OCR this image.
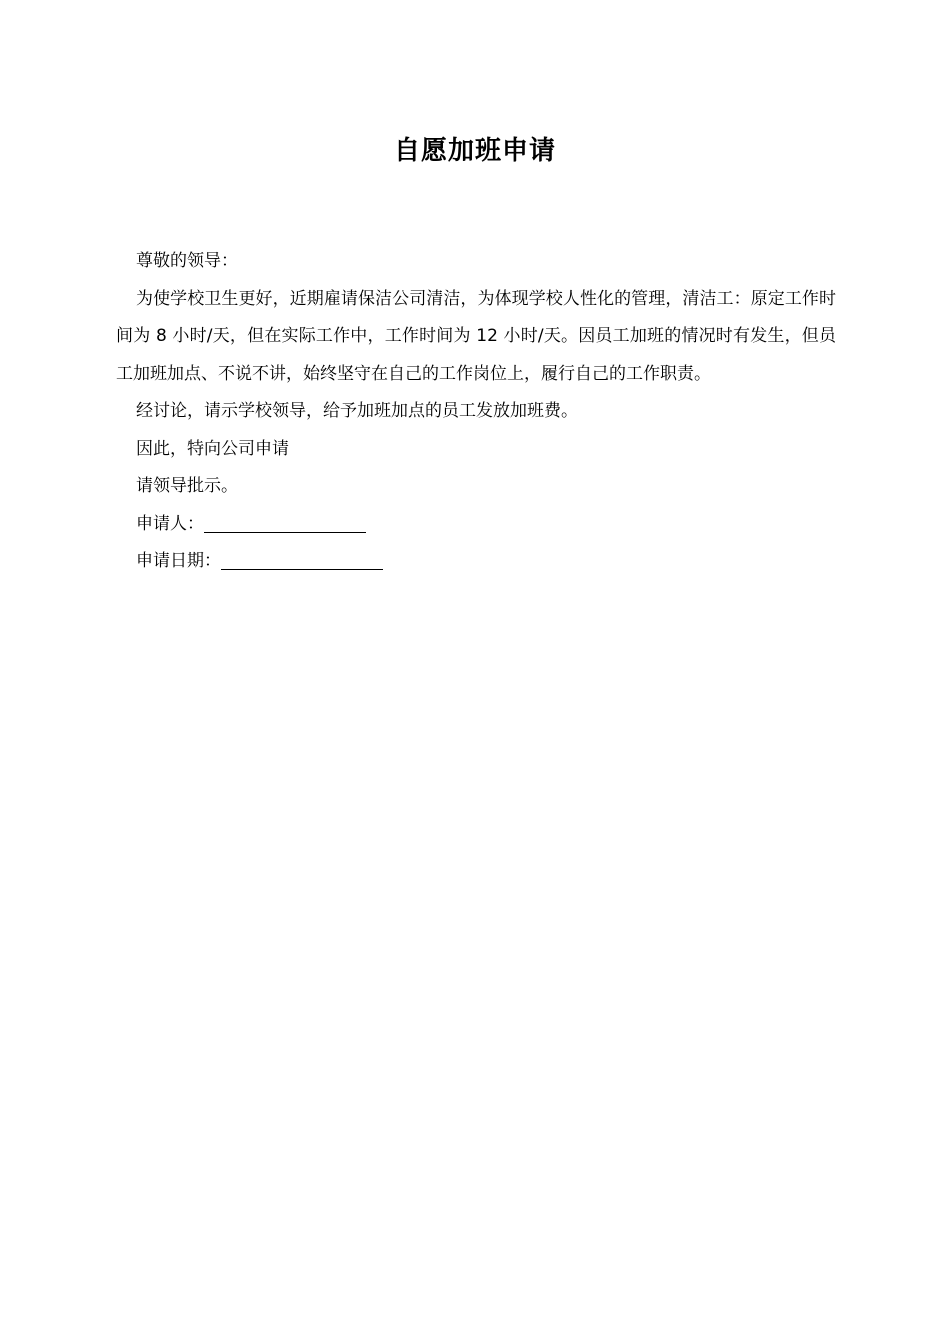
自愿加班申请

尊敬的领导：

为使学校卫生更好，近期雇请保洁公司清洁，为体现学校人性化的管理，清洁工：原定工作时间为 8 小时/天，但在实际工作中，工作时间为 12 小时/天。因员工加班的情况时有发生，但员工加班加点、不说不讲，始终坚守在自己的工作岗位上，履行自己的工作职责。

经讨论，请示学校领导，给予加班加点的员工发放加班费。

因此，特向公司申请

请领导批示。

申请人：

申请日期：
